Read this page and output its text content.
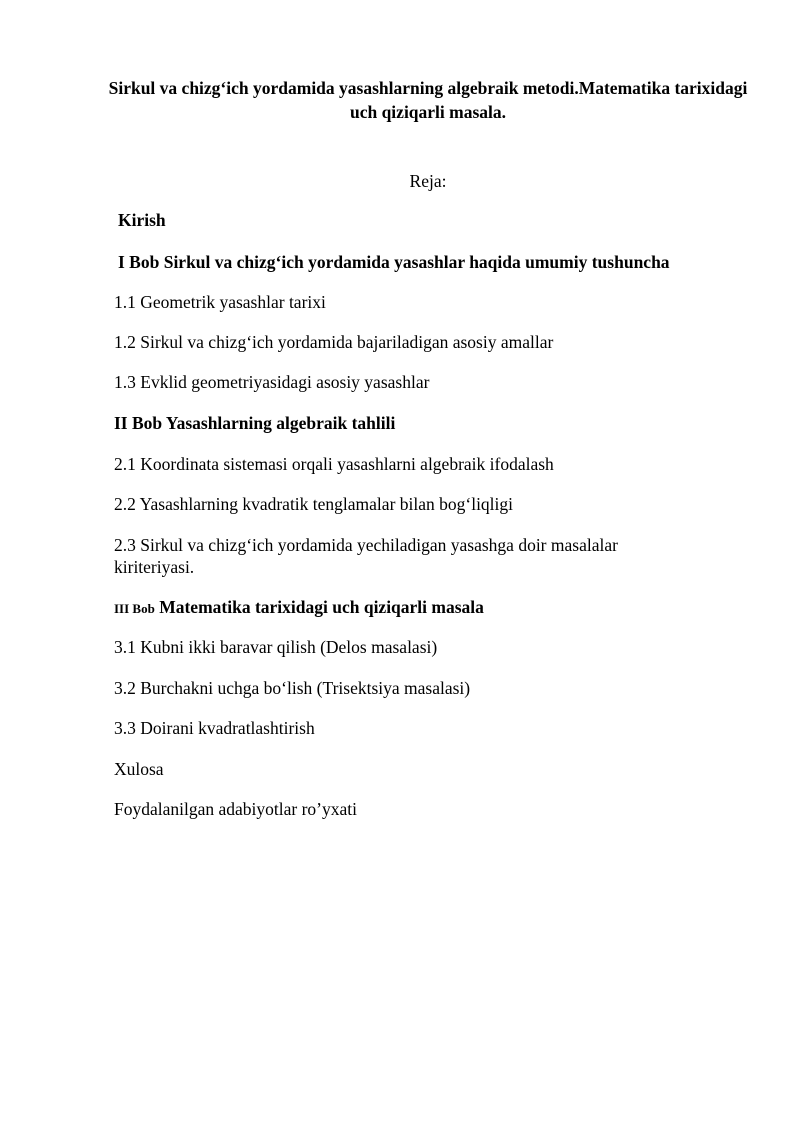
Sirkul va chizg‘ich yordamida yasashlarning algebraik metodi.Matematika tarixidagi uch qiziqarli masala.
Reja:
Kirish
I Bob Sirkul va chizg‘ich yordamida yasashlar haqida umumiy tushuncha
1.1 Geometrik yasashlar tarixi
1.2 Sirkul va chizg‘ich yordamida bajariladigan asosiy amallar
1.3 Evklid geometriyasidagi asosiy yasashlar
II Bob Yasashlarning algebraik tahlili
2.1 Koordinata sistemasi orqali yasashlarni algebraik ifodalash
2.2 Yasashlarning kvadratik tenglamalar bilan bog‘liqligi
2.3 Sirkul va chizg‘ich yordamida yechiladigan yasashga doir masalalar kiriteriyasi.
III Bob Matematika tarixidagi uch qiziqarli masala
3.1 Kubni ikki baravar qilish (Delos masalasi)
3.2 Burchakni uchga bo‘lish (Trisektsiya masalasi)
3.3 Doirani kvadratlashtirish
Xulosa
Foydalanilgan adabiyotlar ro’yxati
